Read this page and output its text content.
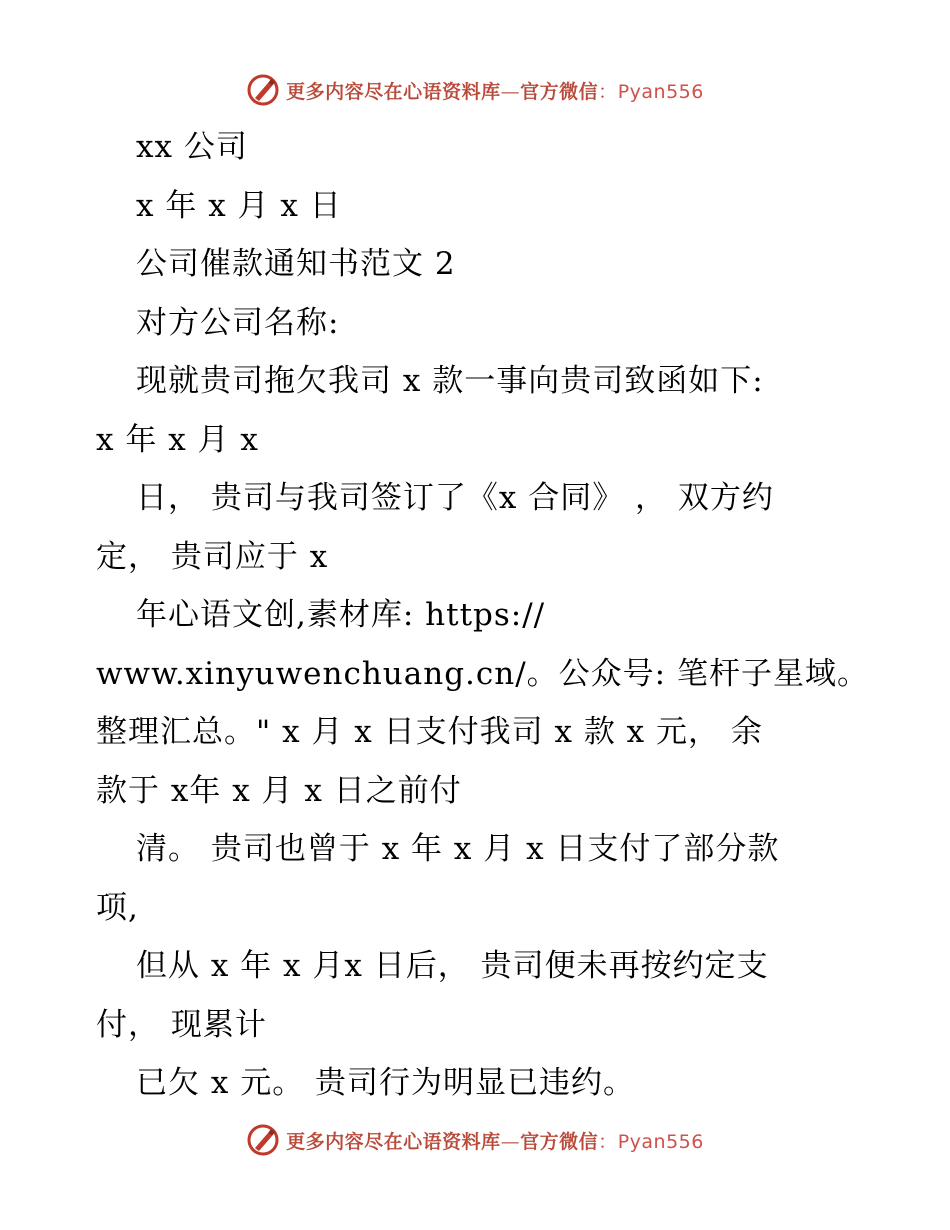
更多内容尽在心语资料库—官方微信：Pyan556
xx 公司
x 年 x 月 x 日
公司催款通知书范文 2
对方公司名称:
现就贵司拖欠我司 x 款一事向贵司致函如下:
x 年 x 月 x
日， 贵司与我司签订了《x 合同》 ， 双方约
定， 贵司应于 x
年心语文创,素材库: https://
www.xinyuwenchuang.cn/。公众号: 笔杆子星域。
整理汇总。" x 月 x 日支付我司 x 款 x 元， 余
款于 x年 x 月 x 日之前付
清。 贵司也曾于 x 年 x 月 x 日支付了部分款
项,
但从 x 年 x 月x 日后， 贵司便未再按约定支
付， 现累计
已欠 x 元。 贵司行为明显已违约。
更多内容尽在心语资料库—官方微信：Pyan556
